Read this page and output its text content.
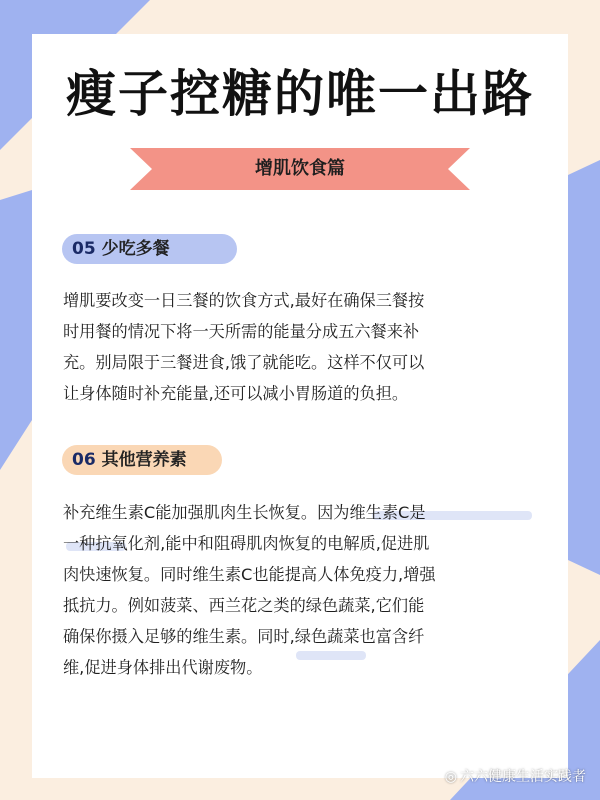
瘦子控糖的唯一出路
增肌饮食篇
05 少吃多餐
增肌要改变一日三餐的饮食方式,最好在确保三餐按
时用餐的情况下将一天所需的能量分成五六餐来补
充。别局限于三餐进食,饿了就能吃。这样不仅可以
让身体随时补充能量,还可以减小胃肠道的负担。
06 其他营养素
补充维生素C能加强肌肉生长恢复。因为维生素C是
一种抗氧化剂,能中和阻碍肌肉恢复的电解质,促进肌
肉快速恢复。同时维生素C也能提高人体免疫力,增强
抵抗力。例如菠菜、西兰花之类的绿色蔬菜,它们能
确保你摄入足够的维生素。同时,绿色蔬菜也富含纤
维,促进身体排出代谢废物。
◎ 六六健康生活实践者
